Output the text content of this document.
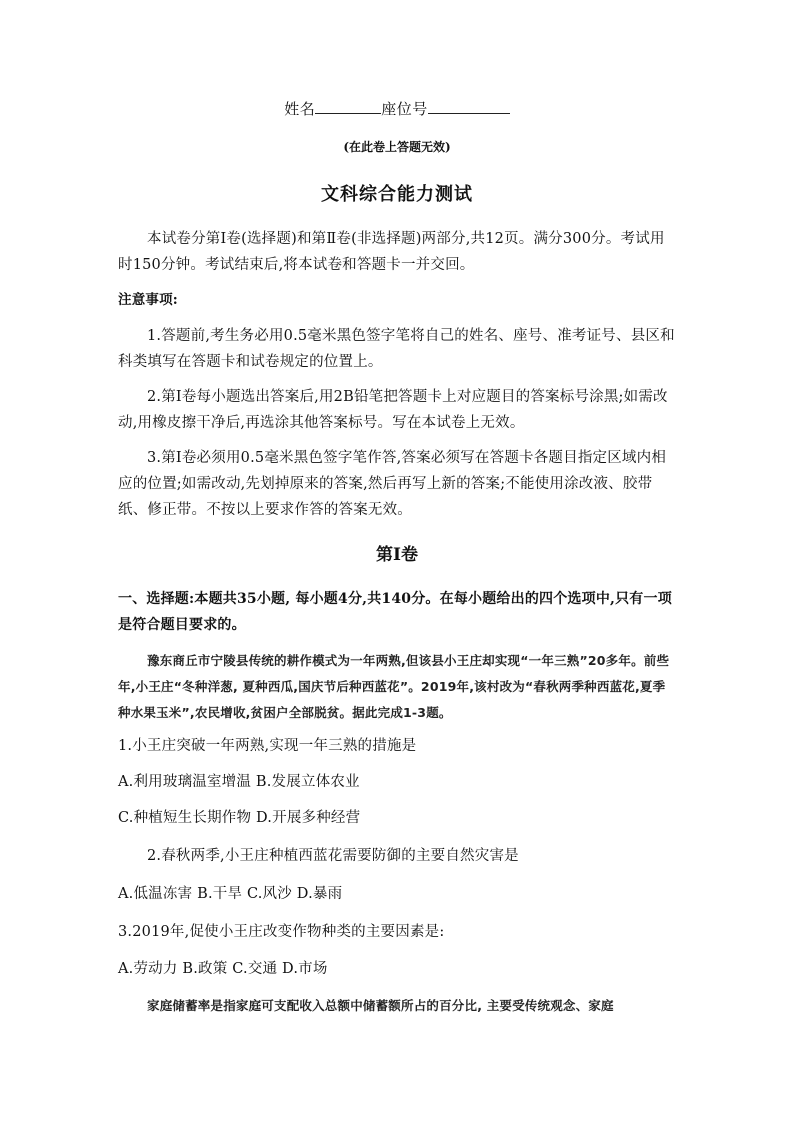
姓名	座位号
(在此卷上答题无效)
文科综合能力测试
本试卷分第Ⅰ卷(选择题)和第Ⅱ卷(非选择题)两部分,共12页。满分300分。考试用时150分钟。考试结束后,将本试卷和答题卡一并交回。
注意事项:
1.答题前,考生务必用0.5毫米黑色签字笔将自己的姓名、座号、准考证号、县区和科类填写在答题卡和试卷规定的位置上。
2.第Ⅰ卷每小题选出答案后,用2B铅笔把答题卡上对应题目的答案标号涂黑;如需改动,用橡皮擦干净后,再选涂其他答案标号。写在本试卷上无效。
3.第Ⅰ卷必须用0.5毫米黑色签字笔作答,答案必须写在答题卡各题目指定区域内相应的位置;如需改动,先划掉原来的答案,然后再写上新的答案;不能使用涂改液、胶带纸、修正带。不按以上要求作答的答案无效。
第Ⅰ卷
一、选择题:本题共35小题, 每小题4分,共140分。在每小题给出的四个选项中,只有一项是符合题目要求的。
豫东商丘市宁陵县传统的耕作模式为一年两熟,但该县小王庄却实现“一年三熟”20多年。前些年,小王庄“冬种洋葱, 夏种西瓜,国庆节后种西蓝花”。2019年,该村改为“春秋两季种西蓝花,夏季种水果玉米”,农民增收,贫困户全部脱贫。据此完成1-3题。
1.小王庄突破一年两熟,实现一年三熟的措施是
A.利用玻璃温室增温 B.发展立体农业
C.种植短生长期作物 D.开展多种经营
2.春秋两季,小王庄种植西蓝花需要防御的主要自然灾害是
A.低温冻害 B.干旱 C.风沙 D.暴雨
3.2019年,促使小王庄改变作物种类的主要因素是:
A.劳动力 B.政策 C.交通 D.市场
家庭储蓄率是指家庭可支配收入总额中储蓄额所占的百分比, 主要受传统观念、家庭
